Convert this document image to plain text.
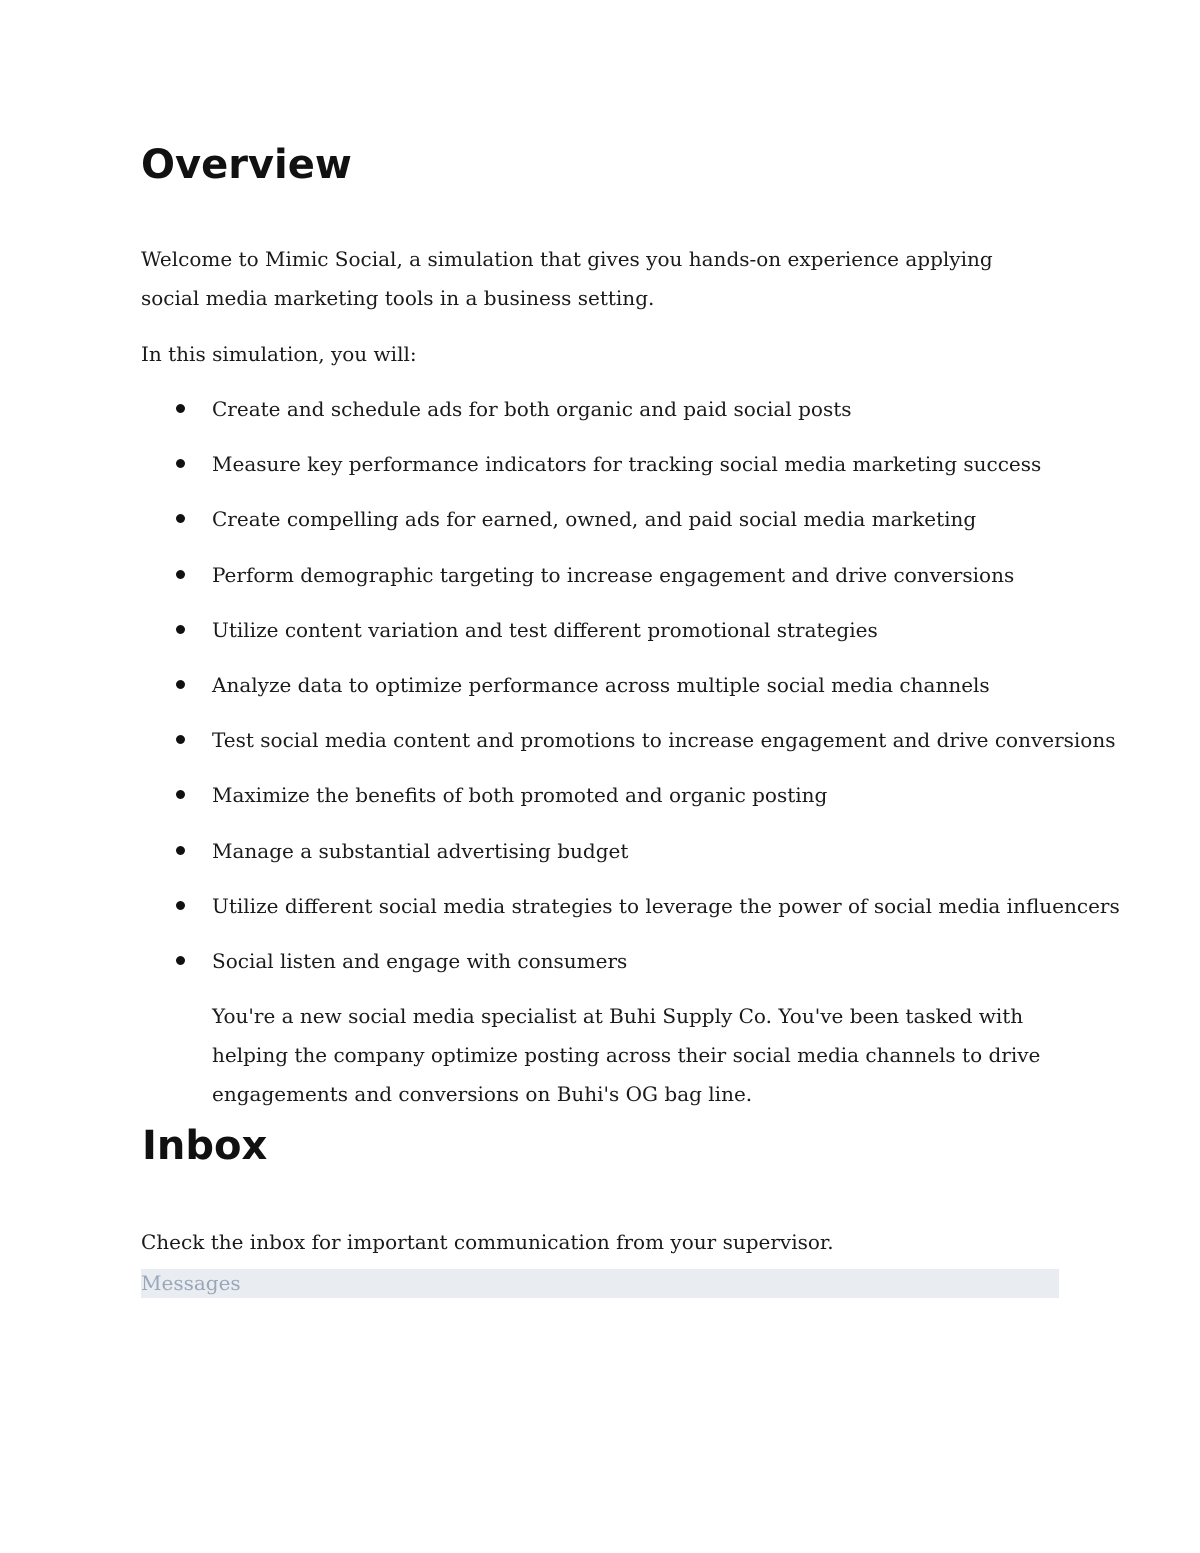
Overview

Welcome to Mimic Social, a simulation that gives you hands-on experience applying social media marketing tools in a business setting.

In this simulation, you will:

Create and schedule ads for both organic and paid social posts
Measure key performance indicators for tracking social media marketing success
Create compelling ads for earned, owned, and paid social media marketing
Perform demographic targeting to increase engagement and drive conversions
Utilize content variation and test different promotional strategies
Analyze data to optimize performance across multiple social media channels
Test social media content and promotions to increase engagement and drive conversions
Maximize the benefits of both promoted and organic posting
Manage a substantial advertising budget
Utilize different social media strategies to leverage the power of social media influencers
Social listen and engage with consumers

You're a new social media specialist at Buhi Supply Co. You've been tasked with helping the company optimize posting across their social media channels to drive engagements and conversions on Buhi's OG bag line.

Inbox

Check the inbox for important communication from your supervisor.

Messages
